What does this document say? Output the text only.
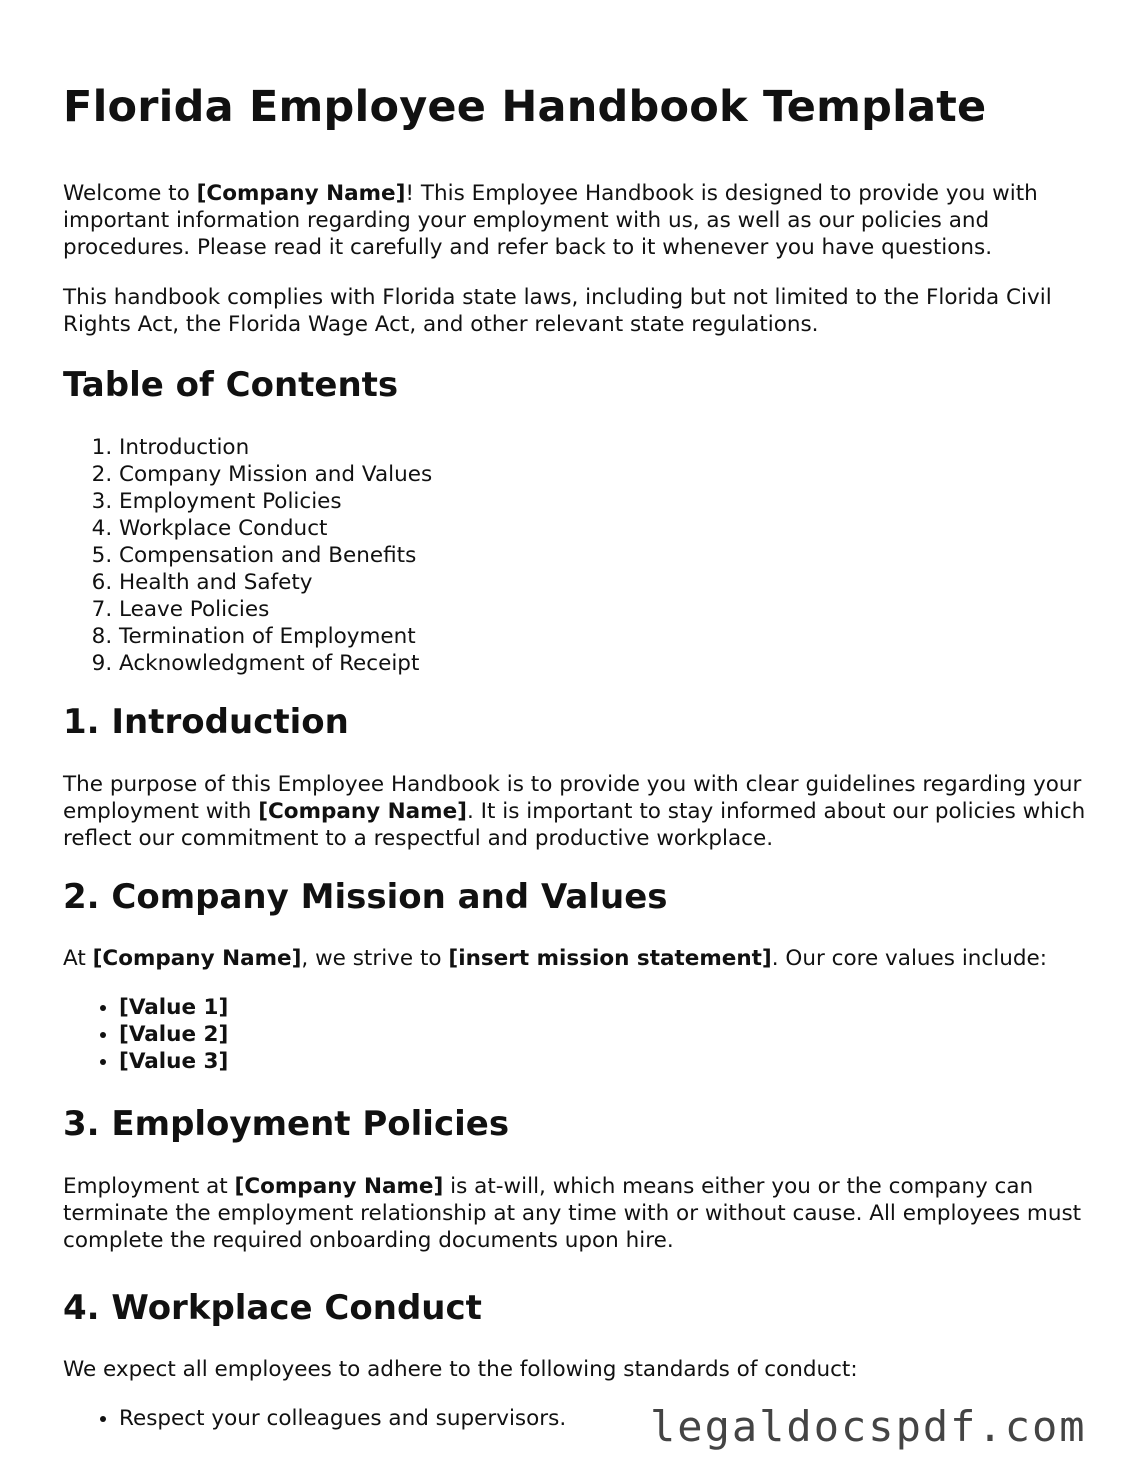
Florida Employee Handbook Template

Welcome to [Company Name]! This Employee Handbook is designed to provide you with important information regarding your employment with us, as well as our policies and procedures. Please read it carefully and refer back to it whenever you have questions.

This handbook complies with Florida state laws, including but not limited to the Florida Civil Rights Act, the Florida Wage Act, and other relevant state regulations.

Table of Contents
1. Introduction
2. Company Mission and Values
3. Employment Policies
4. Workplace Conduct
5. Compensation and Benefits
6. Health and Safety
7. Leave Policies
8. Termination of Employment
9. Acknowledgment of Receipt
1. Introduction

The purpose of this Employee Handbook is to provide you with clear guidelines regarding your employment with [Company Name]. It is important to stay informed about our policies which reflect our commitment to a respectful and productive workplace.

2. Company Mission and Values

At [Company Name], we strive to [insert mission statement]. Our core values include:

• [Value 1]
• [Value 2]
• [Value 3]
3. Employment Policies

Employment at [Company Name] is at-will, which means either you or the company can terminate the employment relationship at any time with or without cause. All employees must complete the required onboarding documents upon hire.

4. Workplace Conduct

We expect all employees to adhere to the following standards of conduct:

• Respect your colleagues and supervisors.	legaldocspdf.com
